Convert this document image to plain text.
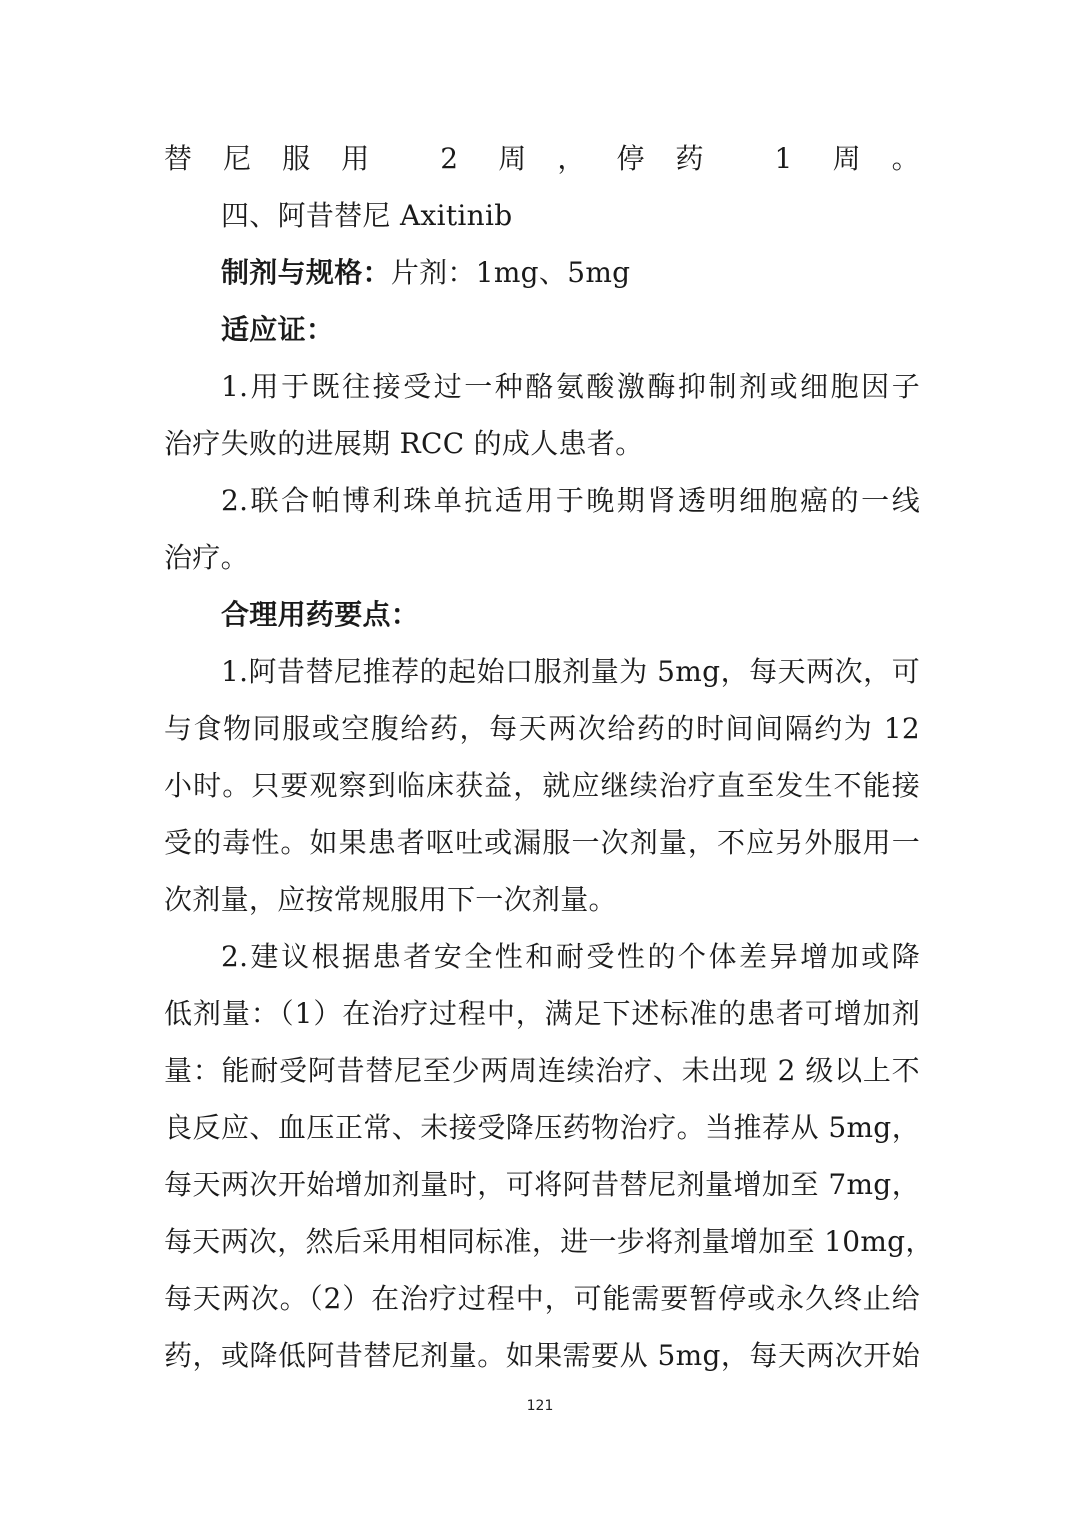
替尼服用 2 周，停药 1 周。
四、阿昔替尼 Axitinib
制剂与规格：片剂：1mg、5mg
适应证：
1.用于既往接受过一种酪氨酸激酶抑制剂或细胞因子
治疗失败的进展期 RCC 的成人患者。
2.联合帕博利珠单抗适用于晚期肾透明细胞癌的一线
治疗。
合理用药要点：
1.阿昔替尼推荐的起始口服剂量为 5mg，每天两次，可
与食物同服或空腹给药，每天两次给药的时间间隔约为 12
小时。只要观察到临床获益，就应继续治疗直至发生不能接
受的毒性。如果患者呕吐或漏服一次剂量，不应另外服用一
次剂量，应按常规服用下一次剂量。
2.建议根据患者安全性和耐受性的个体差异增加或降
低剂量：（1）在治疗过程中，满足下述标准的患者可增加剂
量：能耐受阿昔替尼至少两周连续治疗、未出现 2 级以上不
良反应、血压正常、未接受降压药物治疗。当推荐从 5mg，
每天两次开始增加剂量时，可将阿昔替尼剂量增加至 7mg，
每天两次，然后采用相同标准，进一步将剂量增加至 10mg，
每天两次。（2）在治疗过程中，可能需要暂停或永久终止给
药，或降低阿昔替尼剂量。如果需要从 5mg，每天两次开始
121
